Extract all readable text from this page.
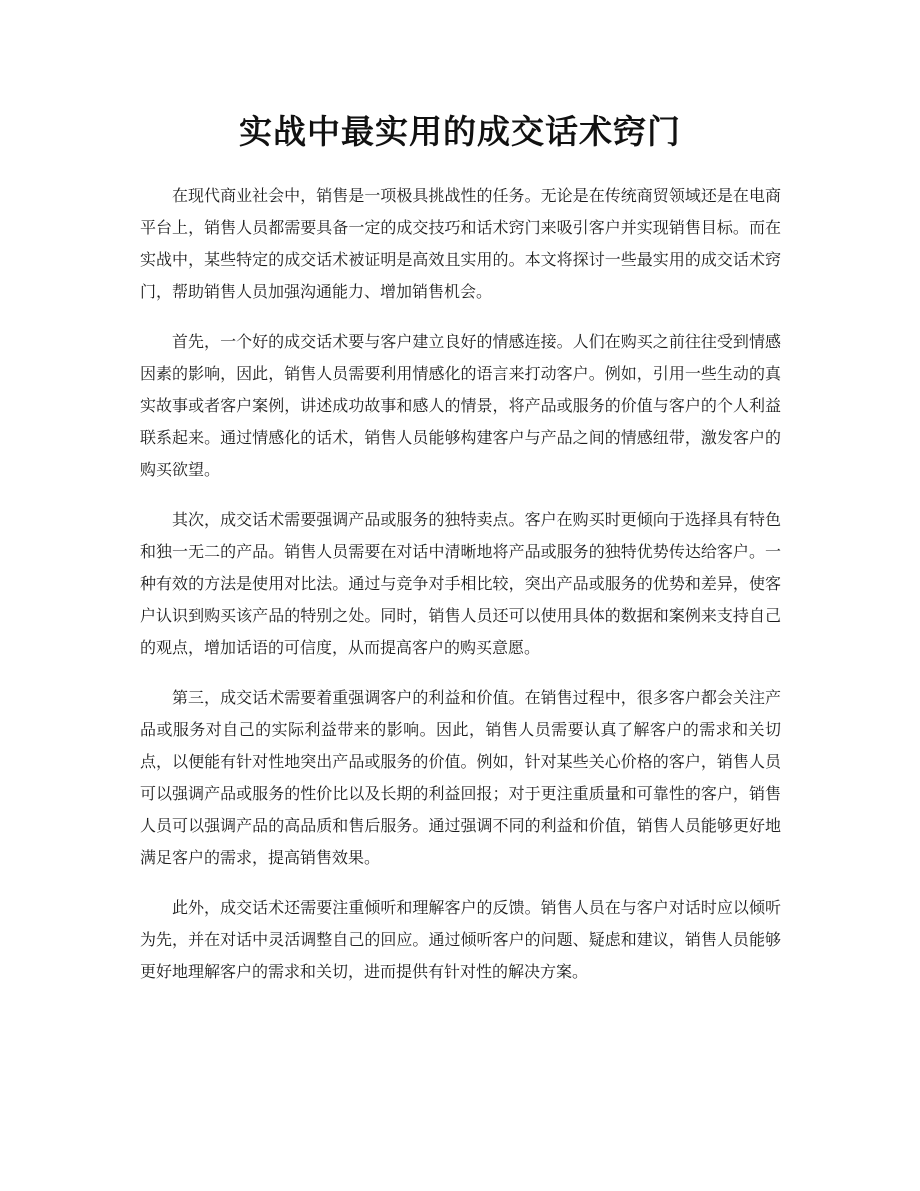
实战中最实用的成交话术窍门

在现代商业社会中，销售是一项极具挑战性的任务。无论是在传统商贸领域还是在电商平台上，销售人员都需要具备一定的成交技巧和话术窍门来吸引客户并实现销售目标。而在实战中，某些特定的成交话术被证明是高效且实用的。本文将探讨一些最实用的成交话术窍门，帮助销售人员加强沟通能力、增加销售机会。

首先，一个好的成交话术要与客户建立良好的情感连接。人们在购买之前往往受到情感因素的影响，因此，销售人员需要利用情感化的语言来打动客户。例如，引用一些生动的真实故事或者客户案例，讲述成功故事和感人的情景，将产品或服务的价值与客户的个人利益联系起来。通过情感化的话术，销售人员能够构建客户与产品之间的情感纽带，激发客户的购买欲望。

其次，成交话术需要强调产品或服务的独特卖点。客户在购买时更倾向于选择具有特色和独一无二的产品。销售人员需要在对话中清晰地将产品或服务的独特优势传达给客户。一种有效的方法是使用对比法。通过与竞争对手相比较，突出产品或服务的优势和差异，使客户认识到购买该产品的特别之处。同时，销售人员还可以使用具体的数据和案例来支持自己的观点，增加话语的可信度，从而提高客户的购买意愿。

第三，成交话术需要着重强调客户的利益和价值。在销售过程中，很多客户都会关注产品或服务对自己的实际利益带来的影响。因此，销售人员需要认真了解客户的需求和关切点，以便能有针对性地突出产品或服务的价值。例如，针对某些关心价格的客户，销售人员可以强调产品或服务的性价比以及长期的利益回报；对于更注重质量和可靠性的客户，销售人员可以强调产品的高品质和售后服务。通过强调不同的利益和价值，销售人员能够更好地满足客户的需求，提高销售效果。

此外，成交话术还需要注重倾听和理解客户的反馈。销售人员在与客户对话时应以倾听为先，并在对话中灵活调整自己的回应。通过倾听客户的问题、疑虑和建议，销售人员能够更好地理解客户的需求和关切，进而提供有针对性的解决方案。
